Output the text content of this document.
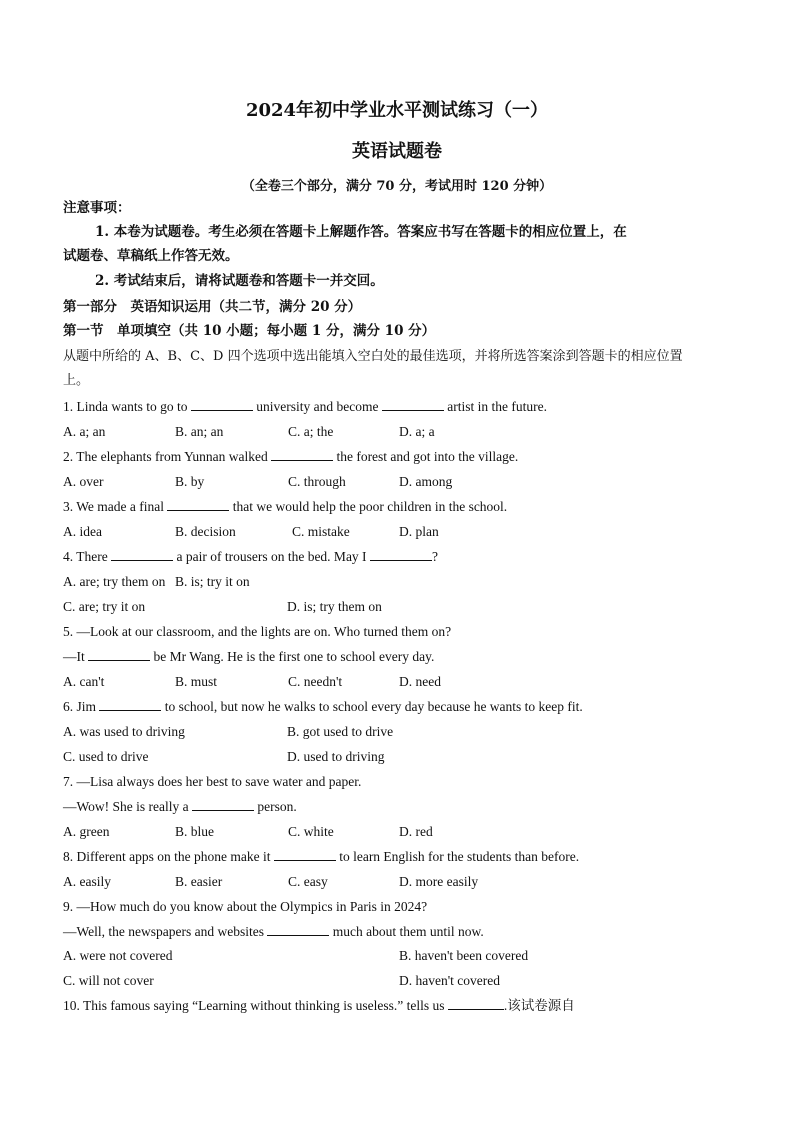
2024年初中学业水平测试练习（一）
英语试题卷
（全卷三个部分，满分 70 分，考试用时 120 分钟）
注意事项：
1. 本卷为试题卷。考生必须在答题卡上解题作答。答案应书写在答题卡的相应位置上，在
试题卷、草稿纸上作答无效。
2. 考试结束后，请将试题卷和答题卡一并交回。
第一部分　英语知识运用（共二节，满分 20 分）
第一节　单项填空（共 10 小题；每小题 1 分，满分 10 分）
从题中所给的 A、B、C、D 四个选项中选出能填入空白处的最佳选项，并将所选答案涂到答题卡的相应位置
上。
1. Linda wants to go to	university and become	artist in the future.
A. a; an	B. an; an	C. a; the	D. a; a
2. The elephants from Yunnan walked	the forest and got into the village.
A. over	B. by	C. through	D. among
3. We made a final	that we would help the poor children in the school.
A. idea	B. decision	C. mistake	D. plan
4. There	a pair of trousers on the bed. May I	?
A. are; try them on B. is; try it on
C. are; try it on	D. is; try them on
5. —Look at our classroom, and the lights are on. Who turned them on?
—It	be Mr Wang. He is the first one to school every day.
A. can't	B. must	C. needn't	D. need
6. Jim	to school, but now he walks to school every day because he wants to keep fit.
A. was used to driving	B. got used to drive
C. used to drive	D. used to driving
7. —Lisa always does her best to save water and paper.
—Wow! She is really a	person.
A. green	B. blue	C. white	D. red
8. Different apps on the phone make it	to learn English for the students than before.
A. easily	B. easier	C. easy	D. more easily
9. —How much do you know about the Olympics in Paris in 2024?
—Well, the newspapers and websites	much about them until now.
A. were not covered	B. haven't been covered
C. will not cover	D. haven't covered
10. This famous saying “Learning without thinking is useless.” tells us	.该试卷源自
